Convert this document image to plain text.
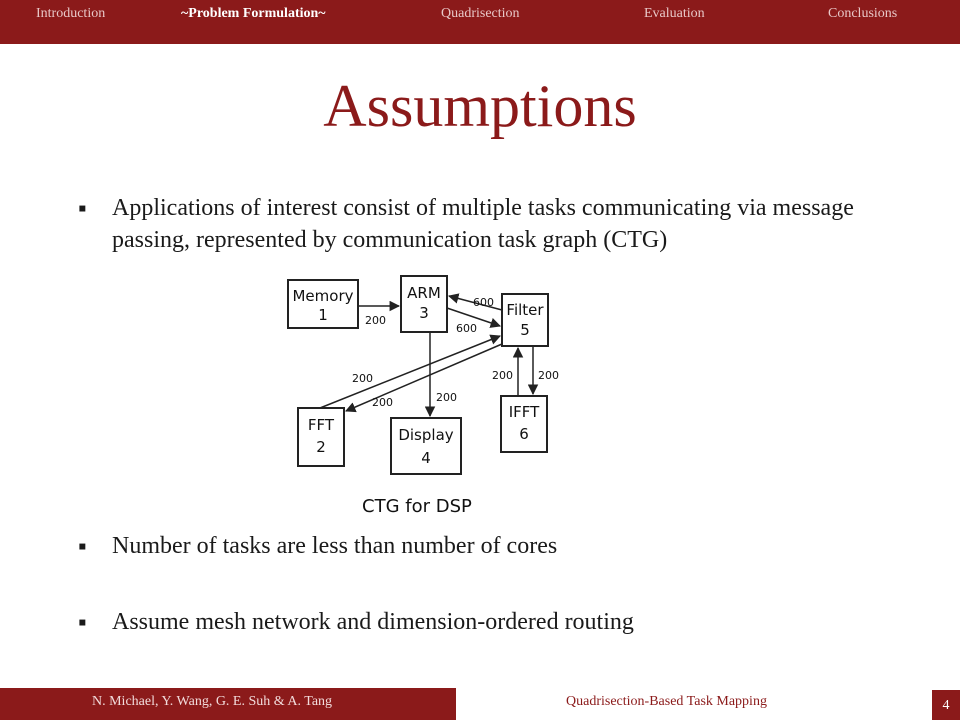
Introduction	~Problem Formulation~	Quadrisection	Evaluation	Conclusions
Assumptions
▪ Applications of interest consist of multiple tasks communicating via message passing, represented by communication task graph (CTG)
Memory
1
ARM
3	Filter
5
FFT
2
Display
4
IFFT
6
200
600
600
200
200	200
200 200
CTG for DSP
▪ Number of tasks are less than number of cores
▪ Assume mesh network and dimension-ordered routing
N. Michael, Y. Wang, G. E. Suh & A. Tang	Quadrisection-Based Task Mapping	4
